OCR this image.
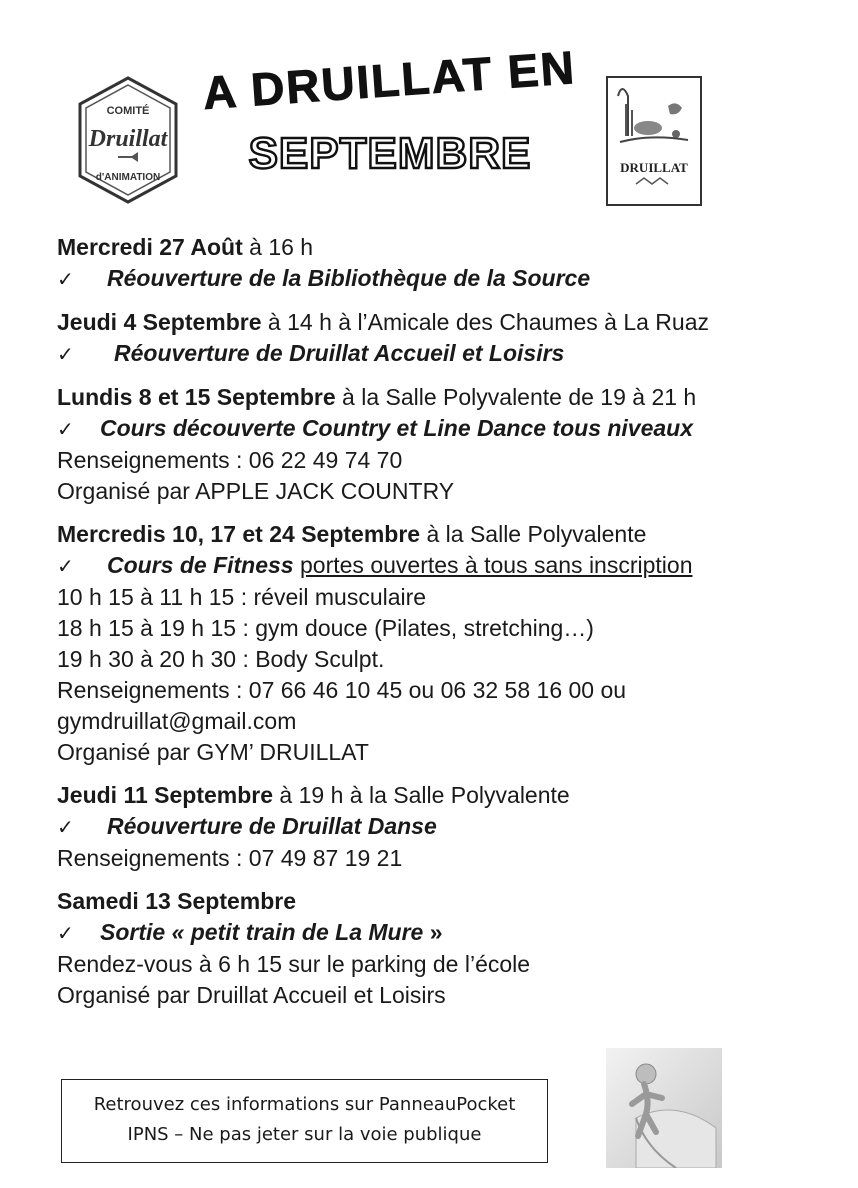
COMITÉ
Druillat
d'ANIMATION
A DRUILLAT EN
SEPTEMBRE	DRUILLAT
Mercredi 27 Août à 16 h
✓ Réouverture de la Bibliothèque de la Source
Jeudi 4 Septembre à 14 h à l’Amicale des Chaumes à La Ruaz
✓ Réouverture de Druillat Accueil et Loisirs
Lundis 8 et 15 Septembre à la Salle Polyvalente de 19 à 21 h
✓ Cours découverte Country et Line Dance tous niveaux
Renseignements : 06 22 49 74 70
Organisé par APPLE JACK COUNTRY
Mercredis 10, 17 et 24 Septembre à la Salle Polyvalente
✓ Cours de Fitness portes ouvertes à tous sans inscription
10 h 15 à 11 h 15 : réveil musculaire
18 h 15 à 19 h 15 : gym douce (Pilates, stretching…)
19 h 30 à 20 h 30 : Body Sculpt.
Renseignements : 07 66 46 10 45 ou 06 32 58 16 00 ou
gymdruillat@gmail.com
Organisé par GYM’ DRUILLAT
Jeudi 11 Septembre à 19 h à la Salle Polyvalente
✓ Réouverture de Druillat Danse
Renseignements : 07 49 87 19 21
Samedi 13 Septembre
✓ Sortie « petit train de La Mure »
Rendez-vous à 6 h 15 sur le parking de l’école
Organisé par Druillat Accueil et Loisirs
Retrouvez ces informations sur PanneauPocket
IPNS – Ne pas jeter sur la voie publique
